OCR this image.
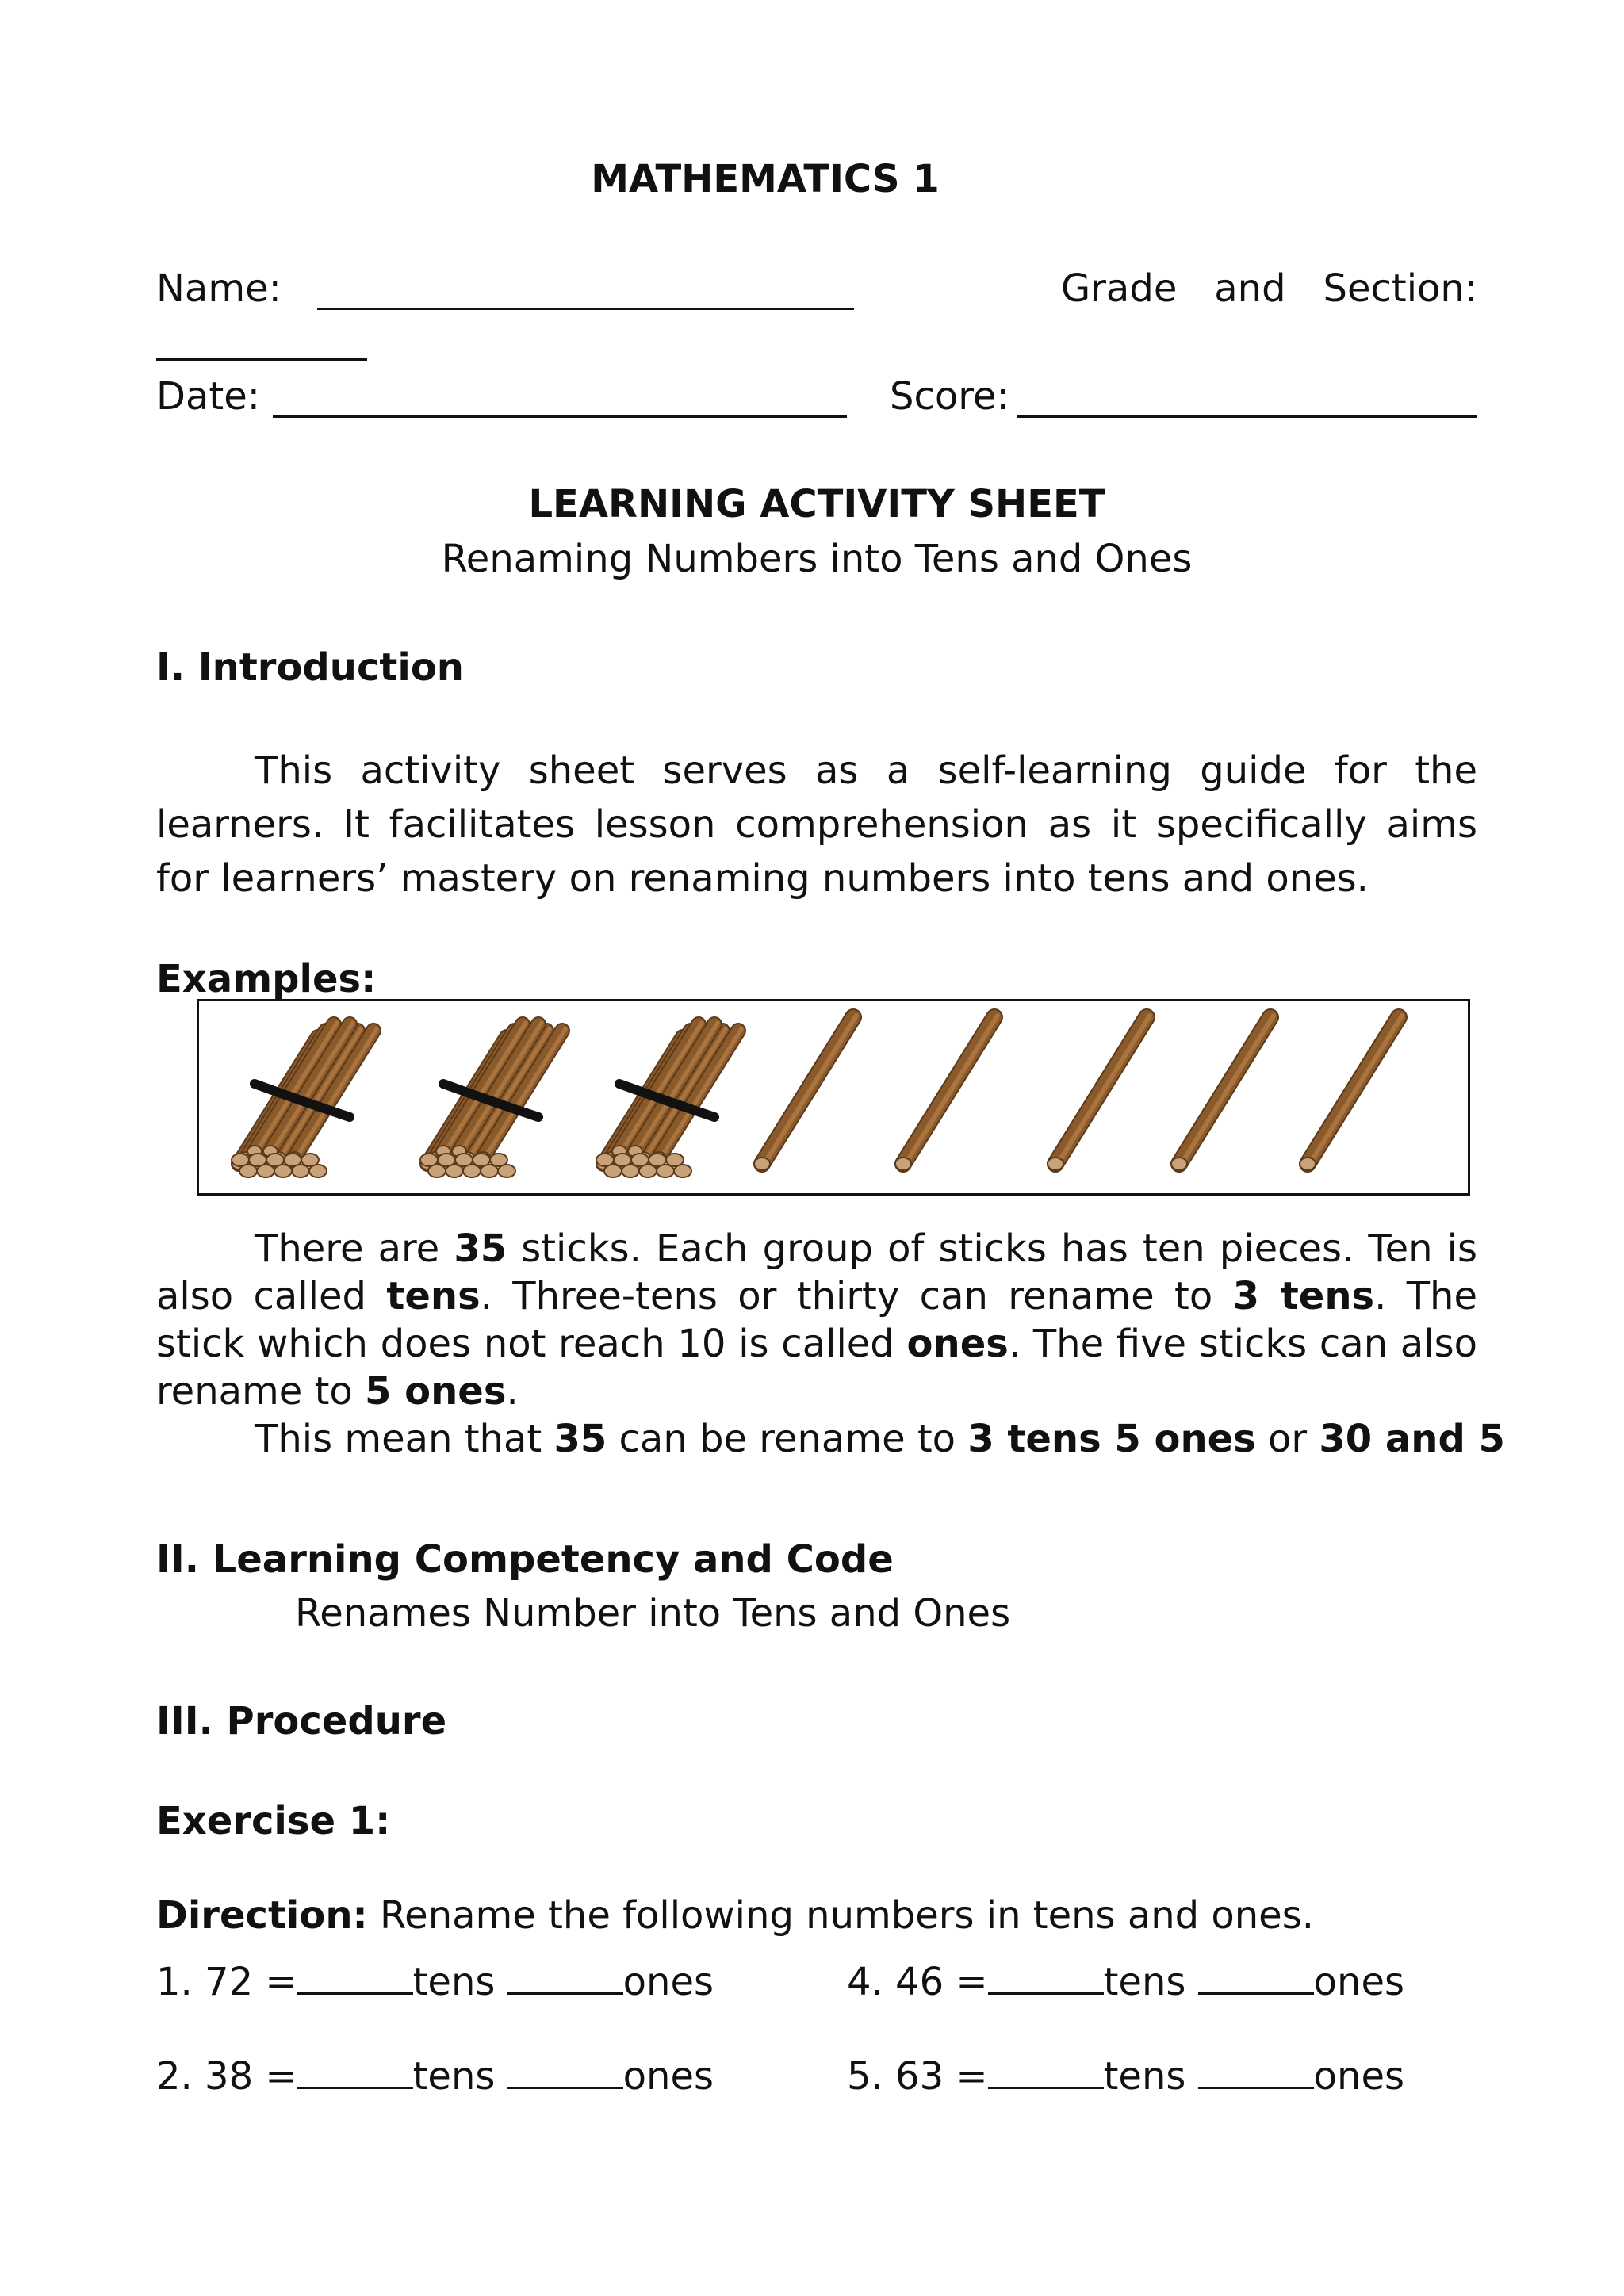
MATHEMATICS 1
Name:	Grade and Section:
Date:	Score:
LEARNING ACTIVITY SHEET
Renaming Numbers into Tens and Ones
I. Introduction
This activity sheet serves as a self-learning guide for the learners. It facilitates lesson comprehension as it specifically aims for learners’ mastery on renaming numbers into tens and ones.
Examples:
There are 35 sticks. Each group of sticks has ten pieces. Ten is also called tens. Three-tens or thirty can rename to 3 tens. The stick which does not reach 10 is called ones. The five sticks can also rename to 5 ones.
This mean that 35 can be rename to 3 tens 5 ones or 30 and 5
II. Learning Competency and Code
Renames Number into Tens and Ones
III. Procedure
Exercise 1:
Direction: Rename the following numbers in tens and ones.
1. 72 =	tens	ones
2. 38 =	tens	ones
4. 46 =	tens	ones
5. 63 =	tens	ones
